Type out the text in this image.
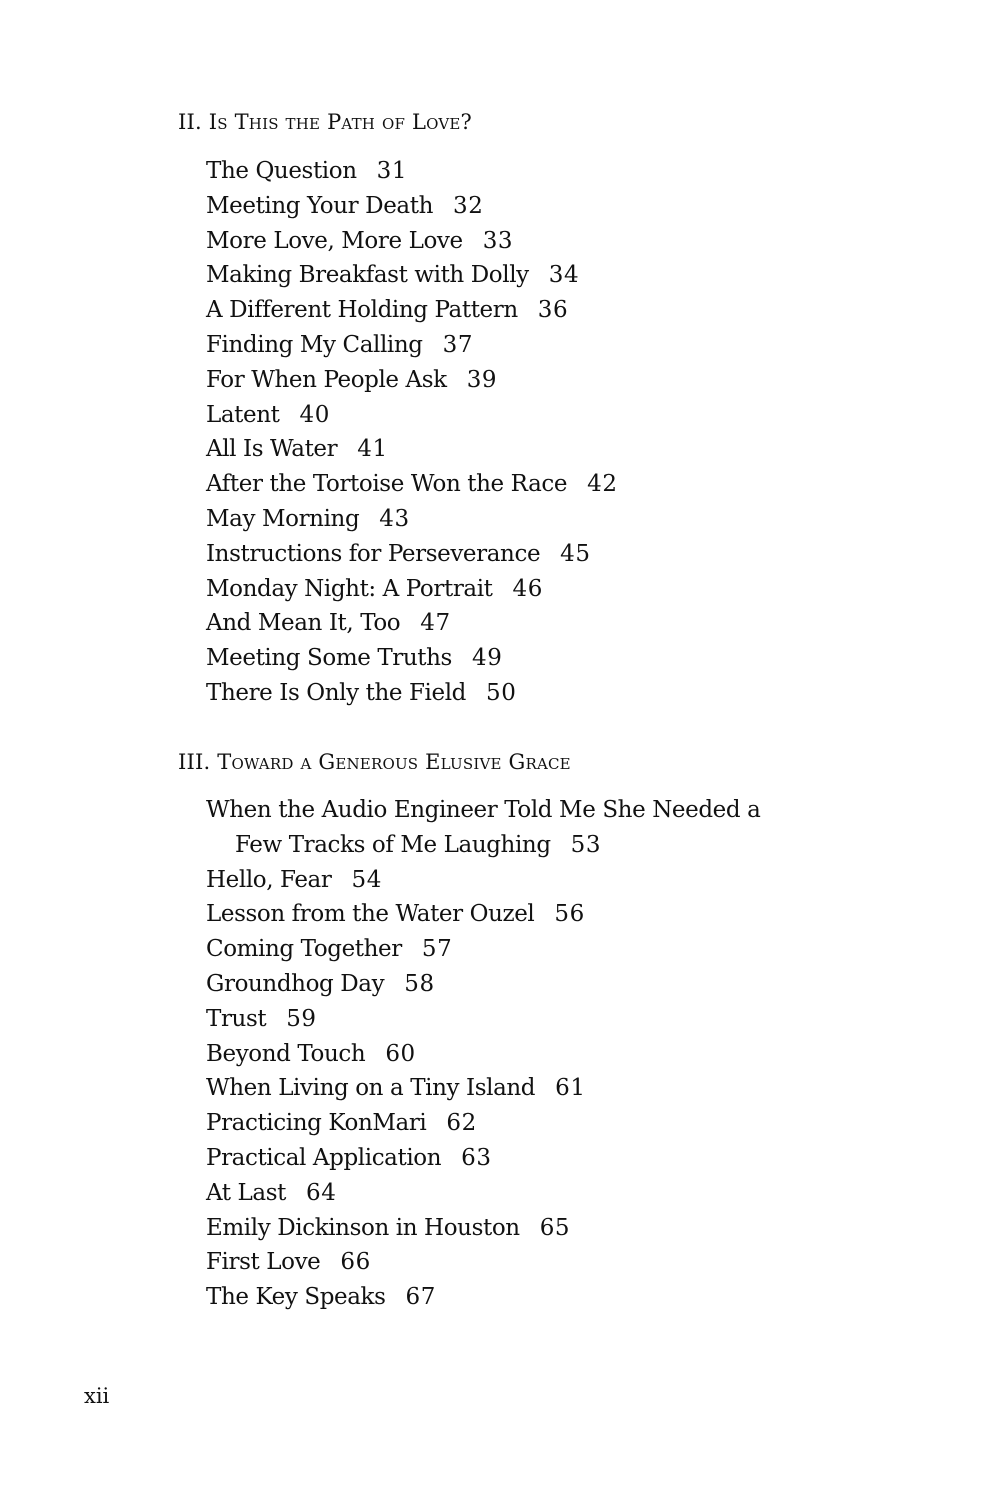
II. Is This the Path of Love?
The Question 31
Meeting Your Death 32
More Love, More Love 33
Making Breakfast with Dolly 34
A Different Holding Pattern 36
Finding My Calling 37
For When People Ask 39
Latent 40
All Is Water 41
After the Tortoise Won the Race 42
May Morning 43
Instructions for Perseverance 45
Monday Night: A Portrait 46
And Mean It, Too 47
Meeting Some Truths 49
There Is Only the Field 50
III. Toward a Generous Elusive Grace
When the Audio Engineer Told Me She Needed a
Few Tracks of Me Laughing 53
Hello, Fear 54
Lesson from the Water Ouzel 56
Coming Together 57
Groundhog Day 58
Trust 59
Beyond Touch 60
When Living on a Tiny Island 61
Practicing KonMari 62
Practical Application 63
At Last 64
Emily Dickinson in Houston 65
First Love 66
The Key Speaks 67
xii
